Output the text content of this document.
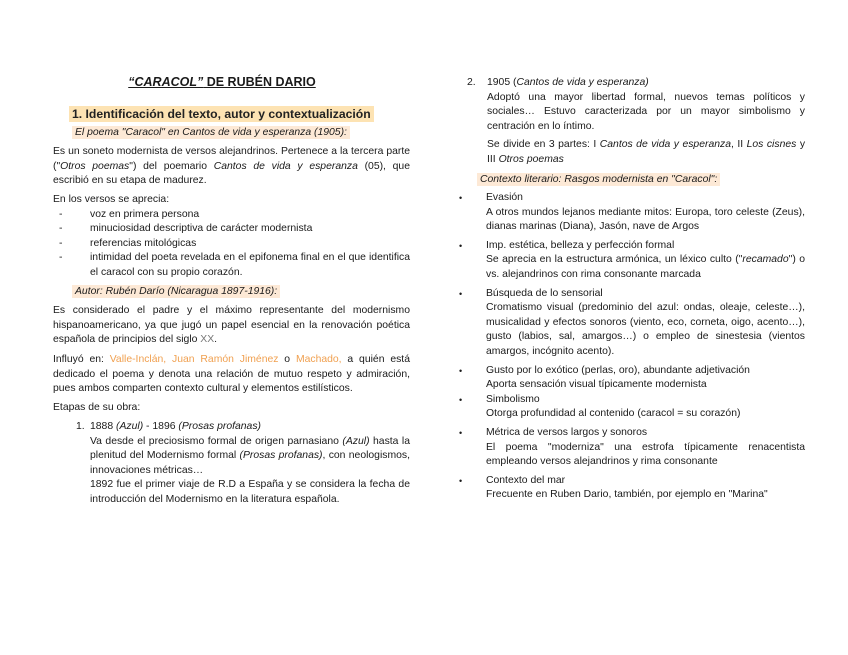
“CARACOL” DE RUBÉN DARIO
1. Identificación del texto, autor y contextualización
El poema "Caracol" en Cantos de vida y esperanza (1905):
Es un soneto modernista de versos alejandrinos. Pertenece a la tercera parte ("Otros poemas") del poemario Cantos de vida y esperanza (05), que escribió en su etapa de madurez.
En los versos se aprecia:
-	voz en primera persona
-	minuciosidad descriptiva de carácter modernista
-	referencias mitológicas
-	intimidad del poeta revelada en el epifonema final en el que identifica el caracol con su propio corazón.
Autor: Rubén Darío (Nicaragua 1897-1916):
Es considerado el padre y el máximo representante del modernismo hispanoamericano, ya que jugó un papel esencial en la renovación poética española de principios del siglo XX.
Influyó en: Valle-Inclán, Juan Ramón Jiménez o Machado, a quién está dedicado el poema y denota una relación de mutuo respeto y admiración, pues ambos comparten contexto cultural y elementos estilísticos.
Etapas de su obra:
1. 1888 (Azul) - 1896 (Prosas profanas)
Va desde el preciosismo formal de origen parnasiano (Azul) hasta la plenitud del Modernismo formal (Prosas profanas), con neologismos, innovaciones métricas…
1892 fue el primer viaje de R.D a España y se considera la fecha de introducción del Modernismo en la literatura española.
2. 1905 (Cantos de vida y esperanza)
Adoptó una mayor libertad formal, nuevos temas políticos y sociales… Estuvo caracterizada por un mayor simbolismo y centración en lo íntimo.
Se divide en 3 partes: I Cantos de vida y esperanza, II Los cisnes y III Otros poemas
Contexto literario: Rasgos modernista en "Caracol":
• Evasión
A otros mundos lejanos mediante mitos: Europa, toro celeste (Zeus), dianas marinas (Diana), Jasón, nave de Argos
• Imp. estética, belleza y perfección formal
Se aprecia en la estructura armónica, un léxico culto ("recamado") o vs. alejandrinos con rima consonante marcada
• Búsqueda de lo sensorial
Cromatismo visual (predominio del azul: ondas, oleaje, celeste…), musicalidad y efectos sonoros (viento, eco, corneta, oigo, acento…), gusto (labios, sal, amargos…) o empleo de sinestesia (vientos amargos, incógnito acento).
• Gusto por lo exótico (perlas, oro), abundante adjetivación
Aporta sensación visual típicamente modernista
• Simbolismo
Otorga profundidad al contenido (caracol = su corazón)
• Métrica de versos largos y sonoros
El poema "moderniza" una estrofa típicamente renacentista empleando versos alejandrinos y rima consonante
• Contexto del mar
Frecuente en Ruben Dario, también, por ejemplo en "Marina"
